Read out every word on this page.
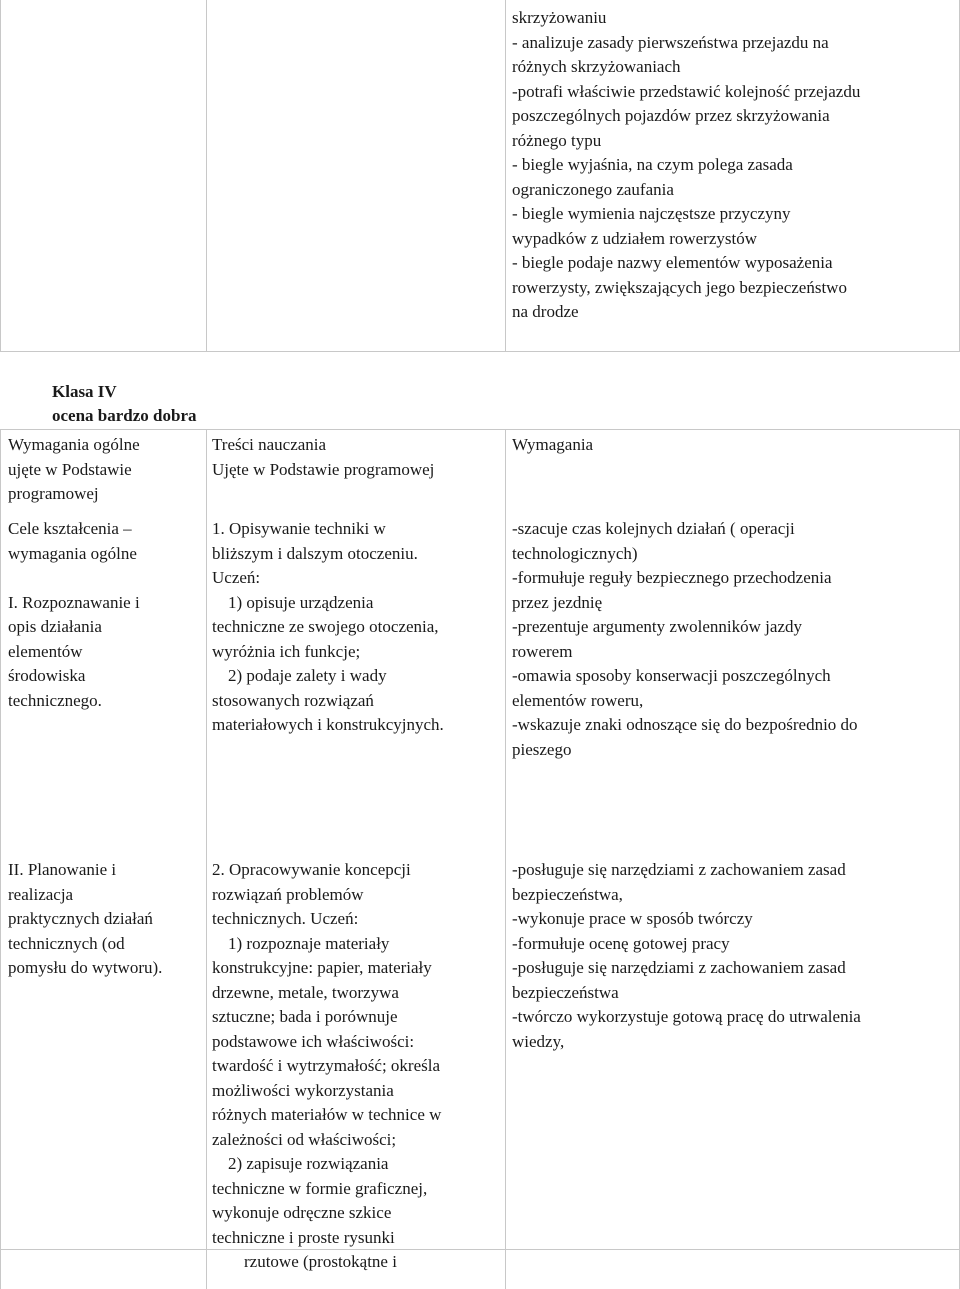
skrzyżowaniu
- analizuje zasady pierwszeństwa przejazdu na
różnych skrzyżowaniach
-potrafi właściwie przedstawić kolejność przejazdu
poszczególnych pojazdów przez skrzyżowania
różnego typu
- biegle wyjaśnia, na czym polega zasada
ograniczonego zaufania
- biegle wymienia najczęstsze przyczyny
wypadków z udziałem rowerzystów
- biegle podaje nazwy elementów wyposażenia
rowerzysty, zwiększających jego bezpieczeństwo
na drodze
Klasa IV
ocena bardzo dobra
Wymagania ogólne
ujęte w Podstawie
programowej
Treści nauczania
Ujęte w Podstawie programowej
Wymagania
Cele kształcenia –
wymagania ogólne

I. Rozpoznawanie i
opis działania
elementów
środowiska
technicznego.
1. Opisywanie techniki w
bliższym i dalszym otoczeniu.
Uczeń:
1) opisuje urządzenia
techniczne ze swojego otoczenia,
wyróżnia ich funkcje;
2) podaje zalety i wady
stosowanych rozwiązań
materiałowych i konstrukcyjnych.
-szacuje czas kolejnych działań ( operacji
technologicznych)
-formułuje reguły bezpiecznego przechodzenia
przez jezdnię
-prezentuje argumenty zwolenników jazdy
rowerem
-omawia sposoby konserwacji poszczególnych
elementów roweru,
-wskazuje znaki odnoszące się do bezpośrednio do
pieszego
II. Planowanie i
realizacja
praktycznych działań
technicznych (od
pomysłu do wytworu).
2. Opracowywanie koncepcji
rozwiązań problemów
technicznych. Uczeń:
1) rozpoznaje materiały
konstrukcyjne: papier, materiały
drzewne, metale, tworzywa
sztuczne; bada i porównuje
podstawowe ich właściwości:
twardość i wytrzymałość; określa
możliwości wykorzystania
różnych materiałów w technice w
zależności od właściwości;
2) zapisuje rozwiązania
techniczne w formie graficznej,
wykonuje odręczne szkice
techniczne i proste rysunki
rzutowe (prostokątne i
-posługuje się narzędziami z zachowaniem zasad
bezpieczeństwa,
-wykonuje prace w sposób twórczy
-formułuje ocenę gotowej pracy
-posługuje się narzędziami z zachowaniem zasad
bezpieczeństwa
-twórczo wykorzystuje gotową pracę do utrwalenia
wiedzy,
